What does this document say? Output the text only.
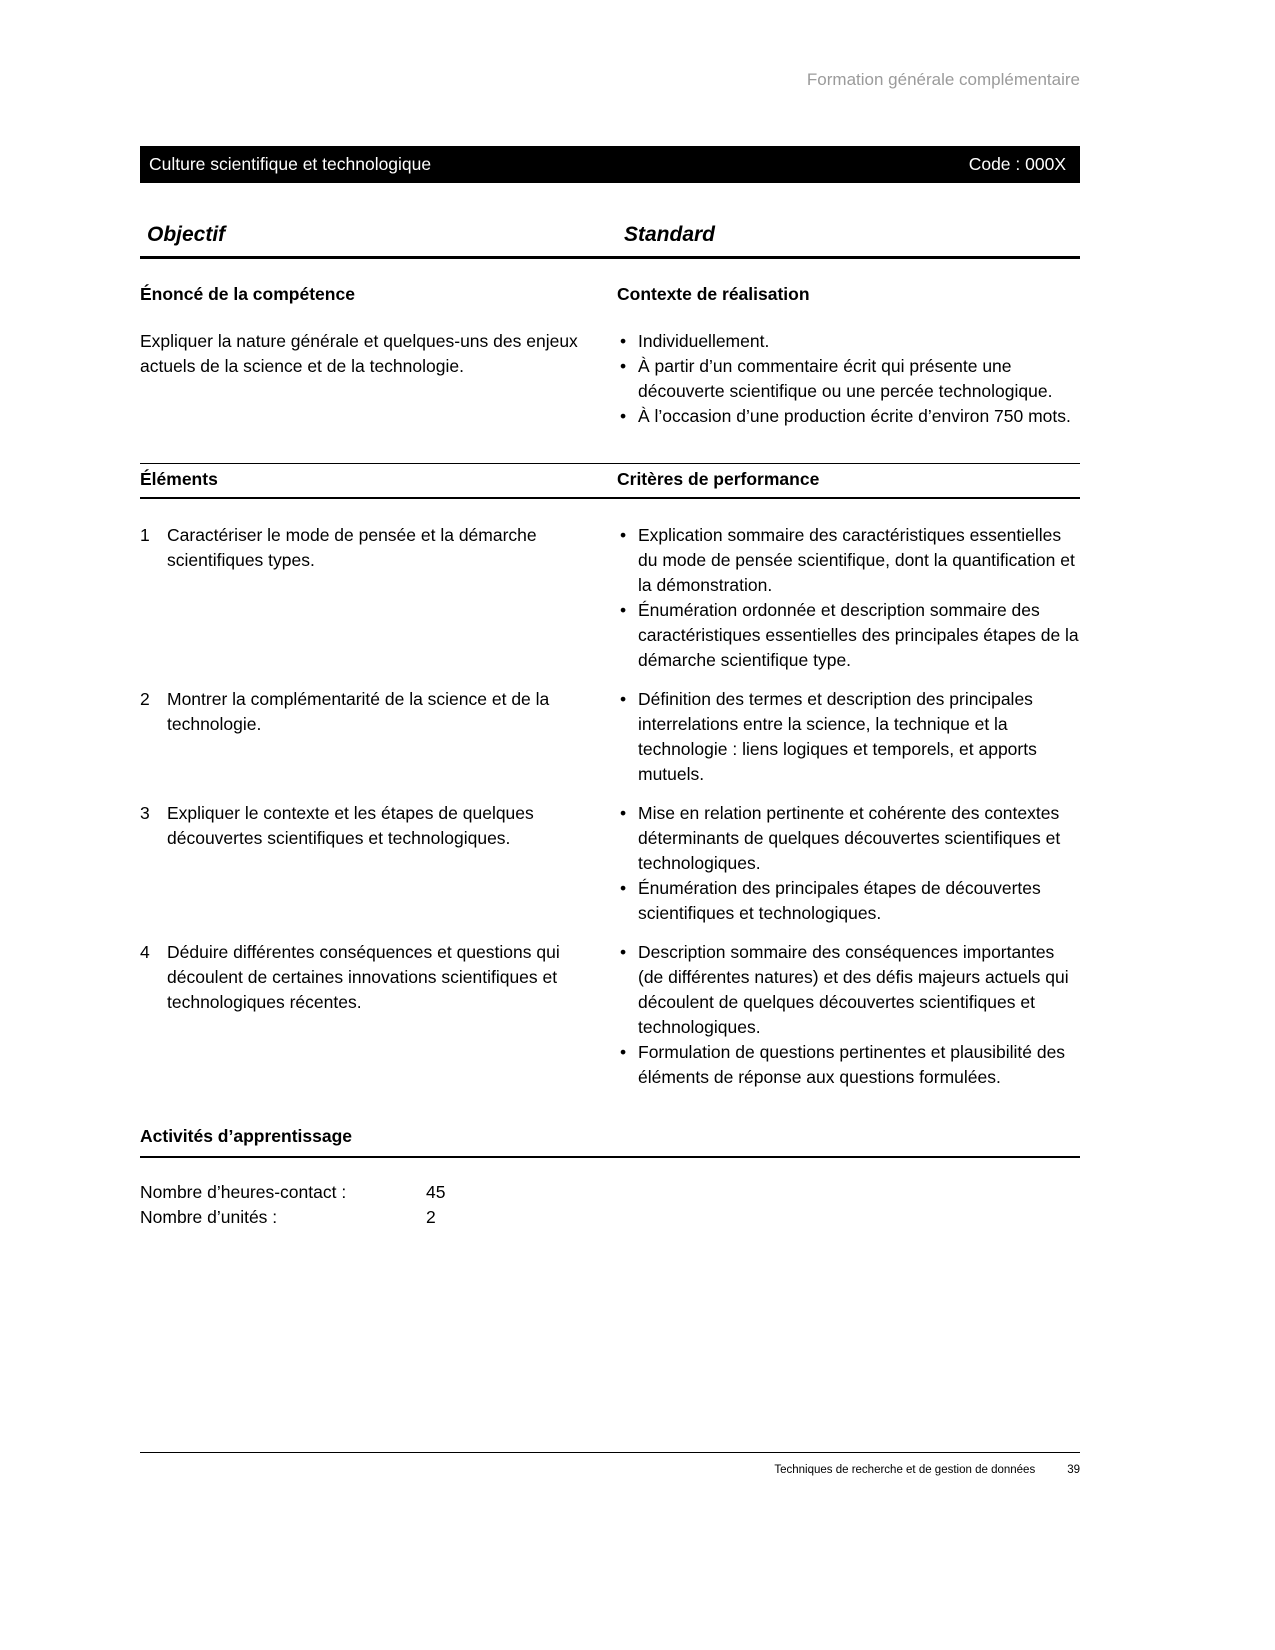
Formation générale complémentaire
Culture scientifique et technologique	Code : 000X
Objectif	Standard
Énoncé de la compétence	Contexte de réalisation
Expliquer la nature générale et quelques-uns des enjeux actuels de la science et de la technologie.
• Individuellement.
• À partir d’un commentaire écrit qui présente une découverte scientifique ou une percée technologique.
• À l’occasion d’une production écrite d’environ 750 mots.
Éléments	Critères de performance
1 Caractériser le mode de pensée et la démarche scientifiques types.
• Explication sommaire des caractéristiques essentielles du mode de pensée scientifique, dont la quantification et la démonstration.
• Énumération ordonnée et description sommaire des caractéristiques essentielles des principales étapes de la démarche scientifique type.
2 Montrer la complémentarité de la science et de la technologie.
• Définition des termes et description des principales interrelations entre la science, la technique et la technologie : liens logiques et temporels, et apports mutuels.
3 Expliquer le contexte et les étapes de quelques découvertes scientifiques et technologiques.
• Mise en relation pertinente et cohérente des contextes déterminants de quelques découvertes scientifiques et technologiques.
• Énumération des principales étapes de découvertes scientifiques et technologiques.
4 Déduire différentes conséquences et questions qui découlent de certaines innovations scientifiques et technologiques récentes.
• Description sommaire des conséquences importantes (de différentes natures) et des défis majeurs actuels qui découlent de quelques découvertes scientifiques et technologiques.
• Formulation de questions pertinentes et plausibilité des éléments de réponse aux questions formulées.
Activités d’apprentissage
Nombre d’heures-contact :	45
Nombre d’unités :	2
Techniques de recherche et de gestion de données	39
